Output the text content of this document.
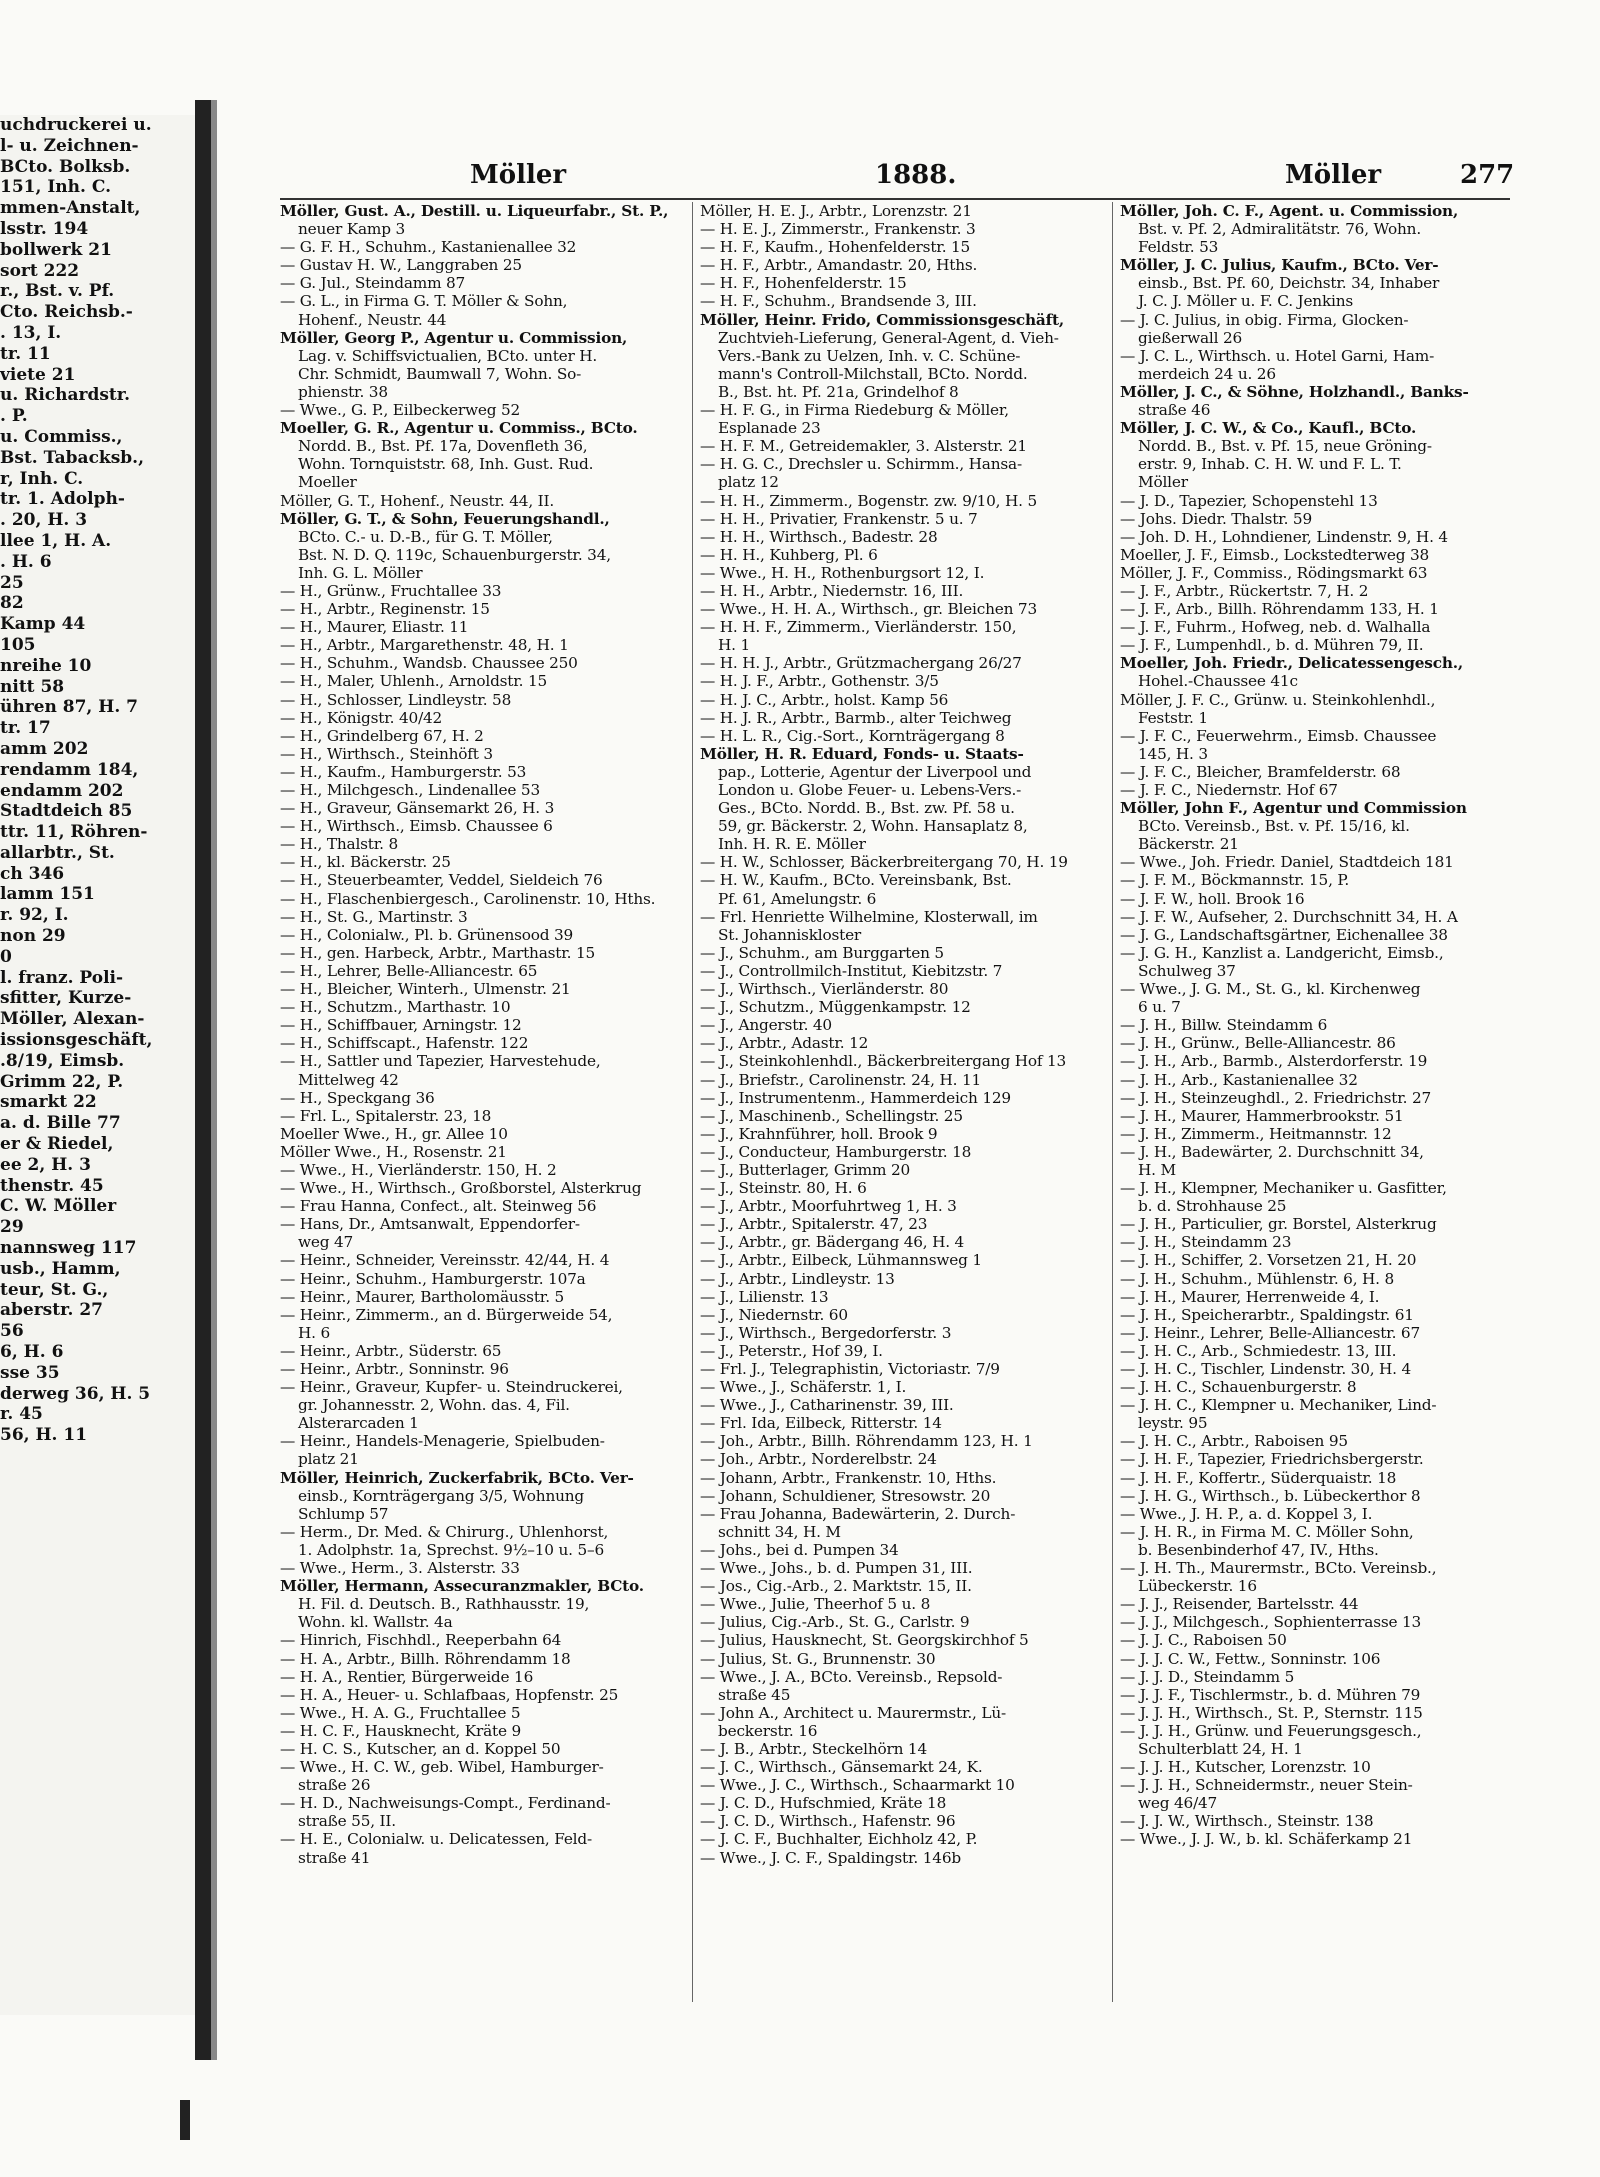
uchdruckerei u.
l- u. Zeichnen-
BCto. Bolksb.
151, Inh. C.
mmen-Anstalt,
lsstr. 194
bollwerk 21
sort 222
r., Bst. v. Pf.
Cto. Reichsb.-
. 13, I.
tr. 11
viete 21
u. Richardstr.
. P.
u. Commiss.,
Bst. Tabacksb.,
r, Inh. C.
tr. 1. Adolph-
. 20, H. 3
llee 1, H. A.
. H. 6
25
82
Kamp 44
105
nreihe 10
nitt 58
ühren 87, H. 7
tr. 17
amm 202
rendamm 184,
endamm 202
Stadtdeich 85
ttr. 11, Röhren-
allarbtr., St.
ch 346
lamm 151
r. 92, I.
non 29
0
l. franz. Poli-
sfitter, Kurze-
Möller, Alexan-
issionsgeschäft,
.8/19, Eimsb.
Grimm 22, P.
smarkt 22
a. d. Bille 77
er & Riedel,
ee 2, H. 3
thenstr. 45
C. W. Möller
29
nannsweg 117
usb., Hamm,
teur, St. G.,
aberstr. 27
56
6, H. 6
sse 35
derweg 36, H. 5
r. 45
56, H. 11
Möller	1888.	Möller	277
Möller, Gust. A., Destill. u. Liqueurfabr., St. P.,
neuer Kamp 3
— G. F. H., Schuhm., Kastanienallee 32
— Gustav H. W., Langgraben 25
— G. Jul., Steindamm 87
— G. L., in Firma G. T. Möller & Sohn,
Hohenf., Neustr. 44
Möller, Georg P., Agentur u. Commission,
Lag. v. Schiffsvictualien, BCto. unter H.
Chr. Schmidt, Baumwall 7, Wohn. So-
phienstr. 38
— Wwe., G. P., Eilbeckerweg 52
Moeller, G. R., Agentur u. Commiss., BCto.
Nordd. B., Bst. Pf. 17a, Dovenfleth 36,
Wohn. Tornquiststr. 68, Inh. Gust. Rud.
Moeller
Möller, G. T., Hohenf., Neustr. 44, II.
Möller, G. T., & Sohn, Feuerungshandl.,
BCto. C.- u. D.-B., für G. T. Möller,
Bst. N. D. Q. 119c, Schauenburgerstr. 34,
Inh. G. L. Möller
— H., Grünw., Fruchtallee 33
— H., Arbtr., Reginenstr. 15
— H., Maurer, Eliastr. 11
— H., Arbtr., Margarethenstr. 48, H. 1
— H., Schuhm., Wandsb. Chaussee 250
— H., Maler, Uhlenh., Arnoldstr. 15
— H., Schlosser, Lindleystr. 58
— H., Königstr. 40/42
— H., Grindelberg 67, H. 2
— H., Wirthsch., Steinhöft 3
— H., Kaufm., Hamburgerstr. 53
— H., Milchgesch., Lindenallee 53
— H., Graveur, Gänsemarkt 26, H. 3
— H., Wirthsch., Eimsb. Chaussee 6
— H., Thalstr. 8
— H., kl. Bäckerstr. 25
— H., Steuerbeamter, Veddel, Sieldeich 76
— H., Flaschenbiergesch., Carolinenstr. 10, Hths.
— H., St. G., Martinstr. 3
— H., Colonialw., Pl. b. Grünensood 39
— H., gen. Harbeck, Arbtr., Marthastr. 15
— H., Lehrer, Belle-Alliancestr. 65
— H., Bleicher, Winterh., Ulmenstr. 21
— H., Schutzm., Marthastr. 10
— H., Schiffbauer, Arningstr. 12
— H., Schiffscapt., Hafenstr. 122
— H., Sattler und Tapezier, Harvestehude,
Mittelweg 42
— H., Speckgang 36
— Frl. L., Spitalerstr. 23, 18
Moeller Wwe., H., gr. Allee 10
Möller Wwe., H., Rosenstr. 21
— Wwe., H., Vierländerstr. 150, H. 2
— Wwe., H., Wirthsch., Großborstel, Alsterkrug
— Frau Hanna, Confect., alt. Steinweg 56
— Hans, Dr., Amtsanwalt, Eppendorfer-
weg 47
— Heinr., Schneider, Vereinsstr. 42/44, H. 4
— Heinr., Schuhm., Hamburgerstr. 107a
— Heinr., Maurer, Bartholomäusstr. 5
— Heinr., Zimmerm., an d. Bürgerweide 54,
H. 6
— Heinr., Arbtr., Süderstr. 65
— Heinr., Arbtr., Sonninstr. 96
— Heinr., Graveur, Kupfer- u. Steindruckerei,
gr. Johannesstr. 2, Wohn. das. 4, Fil.
Alsterarcaden 1
— Heinr., Handels-Menagerie, Spielbuden-
platz 21
Möller, Heinrich, Zuckerfabrik, BCto. Ver-
einsb., Kornträgergang 3/5, Wohnung
Schlump 57
— Herm., Dr. Med. & Chirurg., Uhlenhorst,
1. Adolphstr. 1a, Sprechst. 9½–10 u. 5–6
— Wwe., Herm., 3. Alsterstr. 33
Möller, Hermann, Assecuranzmakler, BCto.
H. Fil. d. Deutsch. B., Rathhausstr. 19,
Wohn. kl. Wallstr. 4a
— Hinrich, Fischhdl., Reeperbahn 64
— H. A., Arbtr., Billh. Röhrendamm 18
— H. A., Rentier, Bürgerweide 16
— H. A., Heuer- u. Schlafbaas, Hopfenstr. 25
— Wwe., H. A. G., Fruchtallee 5
— H. C. F., Hausknecht, Kräte 9
— H. C. S., Kutscher, an d. Koppel 50
— Wwe., H. C. W., geb. Wibel, Hamburger-
straße 26
— H. D., Nachweisungs-Compt., Ferdinand-
straße 55, II.
— H. E., Colonialw. u. Delicatessen, Feld-
straße 41
Möller, H. E. J., Arbtr., Lorenzstr. 21
— H. E. J., Zimmerstr., Frankenstr. 3
— H. F., Kaufm., Hohenfelderstr. 15
— H. F., Arbtr., Amandastr. 20, Hths.
— H. F., Hohenfelderstr. 15
— H. F., Schuhm., Brandsende 3, III.
Möller, Heinr. Frido, Commissionsgeschäft,
Zuchtvieh-Lieferung, General-Agent, d. Vieh-
Vers.-Bank zu Uelzen, Inh. v. C. Schüne-
mann's Controll-Milchstall, BCto. Nordd.
B., Bst. ht. Pf. 21a, Grindelhof 8
— H. F. G., in Firma Riedeburg & Möller,
Esplanade 23
— H. F. M., Getreidemakler, 3. Alsterstr. 21
— H. G. C., Drechsler u. Schirmm., Hansa-
platz 12
— H. H., Zimmerm., Bogenstr. zw. 9/10, H. 5
— H. H., Privatier, Frankenstr. 5 u. 7
— H. H., Wirthsch., Badestr. 28
— H. H., Kuhberg, Pl. 6
— Wwe., H. H., Rothenburgsort 12, I.
— H. H., Arbtr., Niedernstr. 16, III.
— Wwe., H. H. A., Wirthsch., gr. Bleichen 73
— H. H. F., Zimmerm., Vierländerstr. 150,
H. 1
— H. H. J., Arbtr., Grützmachergang 26/27
— H. J. F., Arbtr., Gothenstr. 3/5
— H. J. C., Arbtr., holst. Kamp 56
— H. J. R., Arbtr., Barmb., alter Teichweg
— H. L. R., Cig.-Sort., Kornträgergang 8
Möller, H. R. Eduard, Fonds- u. Staats-
pap., Lotterie, Agentur der Liverpool und
London u. Globe Feuer- u. Lebens-Vers.-
Ges., BCto. Nordd. B., Bst. zw. Pf. 58 u.
59, gr. Bäckerstr. 2, Wohn. Hansaplatz 8,
Inh. H. R. E. Möller
— H. W., Schlosser, Bäckerbreitergang 70, H. 19
— H. W., Kaufm., BCto. Vereinsbank, Bst.
Pf. 61, Amelungstr. 6
— Frl. Henriette Wilhelmine, Klosterwall, im
St. Johanniskloster
— J., Schuhm., am Burggarten 5
— J., Controllmilch-Institut, Kiebitzstr. 7
— J., Wirthsch., Vierländerstr. 80
— J., Schutzm., Müggenkampstr. 12
— J., Angerstr. 40
— J., Arbtr., Adastr. 12
— J., Steinkohlenhdl., Bäckerbreitergang Hof 13
— J., Briefstr., Carolinenstr. 24, H. 11
— J., Instrumentenm., Hammerdeich 129
— J., Maschinenb., Schellingstr. 25
— J., Krahnführer, holl. Brook 9
— J., Conducteur, Hamburgerstr. 18
— J., Butterlager, Grimm 20
— J., Steinstr. 80, H. 6
— J., Arbtr., Moorfuhrtweg 1, H. 3
— J., Arbtr., Spitalerstr. 47, 23
— J., Arbtr., gr. Bädergang 46, H. 4
— J., Arbtr., Eilbeck, Lühmannsweg 1
— J., Arbtr., Lindleystr. 13
— J., Lilienstr. 13
— J., Niedernstr. 60
— J., Wirthsch., Bergedorferstr. 3
— J., Peterstr., Hof 39, I.
— Frl. J., Telegraphistin, Victoriastr. 7/9
— Wwe., J., Schäferstr. 1, I.
— Wwe., J., Catharinenstr. 39, III.
— Frl. Ida, Eilbeck, Ritterstr. 14
— Joh., Arbtr., Billh. Röhrendamm 123, H. 1
— Joh., Arbtr., Norderelbstr. 24
— Johann, Arbtr., Frankenstr. 10, Hths.
— Johann, Schuldiener, Stresowstr. 20
— Frau Johanna, Badewärterin, 2. Durch-
schnitt 34, H. M
— Johs., bei d. Pumpen 34
— Wwe., Johs., b. d. Pumpen 31, III.
— Jos., Cig.-Arb., 2. Marktstr. 15, II.
— Wwe., Julie, Theerhof 5 u. 8
— Julius, Cig.-Arb., St. G., Carlstr. 9
— Julius, Hausknecht, St. Georgskirchhof 5
— Julius, St. G., Brunnenstr. 30
— Wwe., J. A., BCto. Vereinsb., Repsold-
straße 45
— John A., Architect u. Maurermstr., Lü-
beckerstr. 16
— J. B., Arbtr., Steckelhörn 14
— J. C., Wirthsch., Gänsemarkt 24, K.
— Wwe., J. C., Wirthsch., Schaarmarkt 10
— J. C. D., Hufschmied, Kräte 18
— J. C. D., Wirthsch., Hafenstr. 96
— J. C. F., Buchhalter, Eichholz 42, P.
— Wwe., J. C. F., Spaldingstr. 146b
Möller, Joh. C. F., Agent. u. Commission,
Bst. v. Pf. 2, Admiralitätstr. 76, Wohn.
Feldstr. 53
Möller, J. C. Julius, Kaufm., BCto. Ver-
einsb., Bst. Pf. 60, Deichstr. 34, Inhaber
J. C. J. Möller u. F. C. Jenkins
— J. C. Julius, in obig. Firma, Glocken-
gießerwall 26
— J. C. L., Wirthsch. u. Hotel Garni, Ham-
merdeich 24 u. 26
Möller, J. C., & Söhne, Holzhandl., Banks-
straße 46
Möller, J. C. W., & Co., Kaufl., BCto.
Nordd. B., Bst. v. Pf. 15, neue Gröning-
erstr. 9, Inhab. C. H. W. und F. L. T.
Möller
— J. D., Tapezier, Schopenstehl 13
— Johs. Diedr. Thalstr. 59
— Joh. D. H., Lohndiener, Lindenstr. 9, H. 4
Moeller, J. F., Eimsb., Lockstedterweg 38
Möller, J. F., Commiss., Rödingsmarkt 63
— J. F., Arbtr., Rückertstr. 7, H. 2
— J. F., Arb., Billh. Röhrendamm 133, H. 1
— J. F., Fuhrm., Hofweg, neb. d. Walhalla
— J. F., Lumpenhdl., b. d. Mühren 79, II.
Moeller, Joh. Friedr., Delicatessengesch.,
Hohel.-Chaussee 41c
Möller, J. F. C., Grünw. u. Steinkohlenhdl.,
Feststr. 1
— J. F. C., Feuerwehrm., Eimsb. Chaussee
145, H. 3
— J. F. C., Bleicher, Bramfelderstr. 68
— J. F. C., Niedernstr. Hof 67
Möller, John F., Agentur und Commission
BCto. Vereinsb., Bst. v. Pf. 15/16, kl.
Bäckerstr. 21
— Wwe., Joh. Friedr. Daniel, Stadtdeich 181
— J. F. M., Böckmannstr. 15, P.
— J. F. W., holl. Brook 16
— J. F. W., Aufseher, 2. Durchschnitt 34, H. A
— J. G., Landschaftsgärtner, Eichenallee 38
— J. G. H., Kanzlist a. Landgericht, Eimsb.,
Schulweg 37
— Wwe., J. G. M., St. G., kl. Kirchenweg
6 u. 7
— J. H., Billw. Steindamm 6
— J. H., Grünw., Belle-Alliancestr. 86
— J. H., Arb., Barmb., Alsterdorferstr. 19
— J. H., Arb., Kastanienallee 32
— J. H., Steinzeughdl., 2. Friedrichstr. 27
— J. H., Maurer, Hammerbrookstr. 51
— J. H., Zimmerm., Heitmannstr. 12
— J. H., Badewärter, 2. Durchschnitt 34,
H. M
— J. H., Klempner, Mechaniker u. Gasfitter,
b. d. Strohhause 25
— J. H., Particulier, gr. Borstel, Alsterkrug
— J. H., Steindamm 23
— J. H., Schiffer, 2. Vorsetzen 21, H. 20
— J. H., Schuhm., Mühlenstr. 6, H. 8
— J. H., Maurer, Herrenweide 4, I.
— J. H., Speicherarbtr., Spaldingstr. 61
— J. Heinr., Lehrer, Belle-Alliancestr. 67
— J. H. C., Arb., Schmiedestr. 13, III.
— J. H. C., Tischler, Lindenstr. 30, H. 4
— J. H. C., Schauenburgerstr. 8
— J. H. C., Klempner u. Mechaniker, Lind-
leystr. 95
— J. H. C., Arbtr., Raboisen 95
— J. H. F., Tapezier, Friedrichsbergerstr.
— J. H. F., Koffertr., Süderquaistr. 18
— J. H. G., Wirthsch., b. Lübeckerthor 8
— Wwe., J. H. P., a. d. Koppel 3, I.
— J. H. R., in Firma M. C. Möller Sohn,
b. Besenbinderhof 47, IV., Hths.
— J. H. Th., Maurermstr., BCto. Vereinsb.,
Lübeckerstr. 16
— J. J., Reisender, Bartelsstr. 44
— J. J., Milchgesch., Sophienterrasse 13
— J. J. C., Raboisen 50
— J. J. C. W., Fettw., Sonninstr. 106
— J. J. D., Steindamm 5
— J. J. F., Tischlermstr., b. d. Mühren 79
— J. J. H., Wirthsch., St. P., Sternstr. 115
— J. J. H., Grünw. und Feuerungsgesch.,
Schulterblatt 24, H. 1
— J. J. H., Kutscher, Lorenzstr. 10
— J. J. H., Schneidermstr., neuer Stein-
weg 46/47
— J. J. W., Wirthsch., Steinstr. 138
— Wwe., J. J. W., b. kl. Schäferkamp 21
